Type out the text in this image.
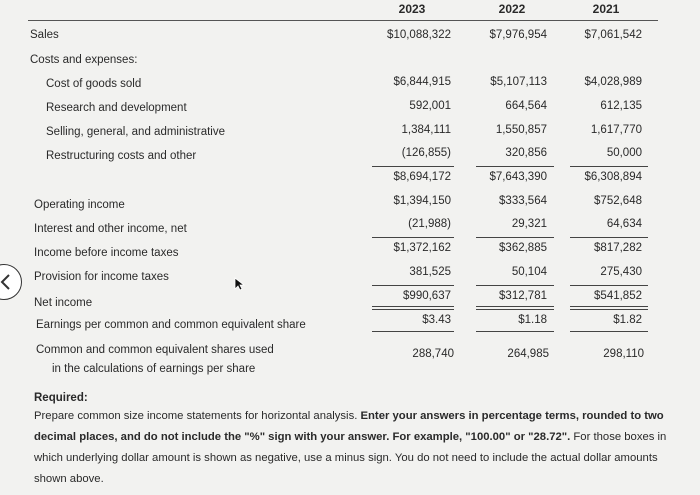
2023	2022	2021
Sales
Costs and expenses:
Cost of goods sold
Research and development
Selling, general, and administrative
Restructuring costs and other
Operating income
Interest and other income, net
Income before income taxes
Provision for income taxes
Net income
Earnings per common and common equivalent share
Common and common equivalent shares used
in the calculations of earnings per share
$10,088,322
$6,844,915
592,001
1,384,111
(126,855)
$8,694,172
$1,394,150
(21,988)
$1,372,162
381,525
$990,637
$3.43
288,740
$7,976,954
$5,107,113
664,564
1,550,857
320,856
$7,643,390
$333,564
29,321
$362,885
50,104
$312,781
$1.18
264,985
$7,061,542
$4,028,989
612,135
1,617,770
50,000
$6,308,894
$752,648
64,634
$817,282
275,430
$541,852
$1.82
298,110
Required:
Prepare common size income statements for horizontal analysis. Enter your answers in percentage terms, rounded to two decimal places, and do not include the "%" sign with your answer. For example, "100.00" or "28.72". For those boxes in which underlying dollar amount is shown as negative, use a minus sign. You do not need to include the actual dollar amounts shown above.
